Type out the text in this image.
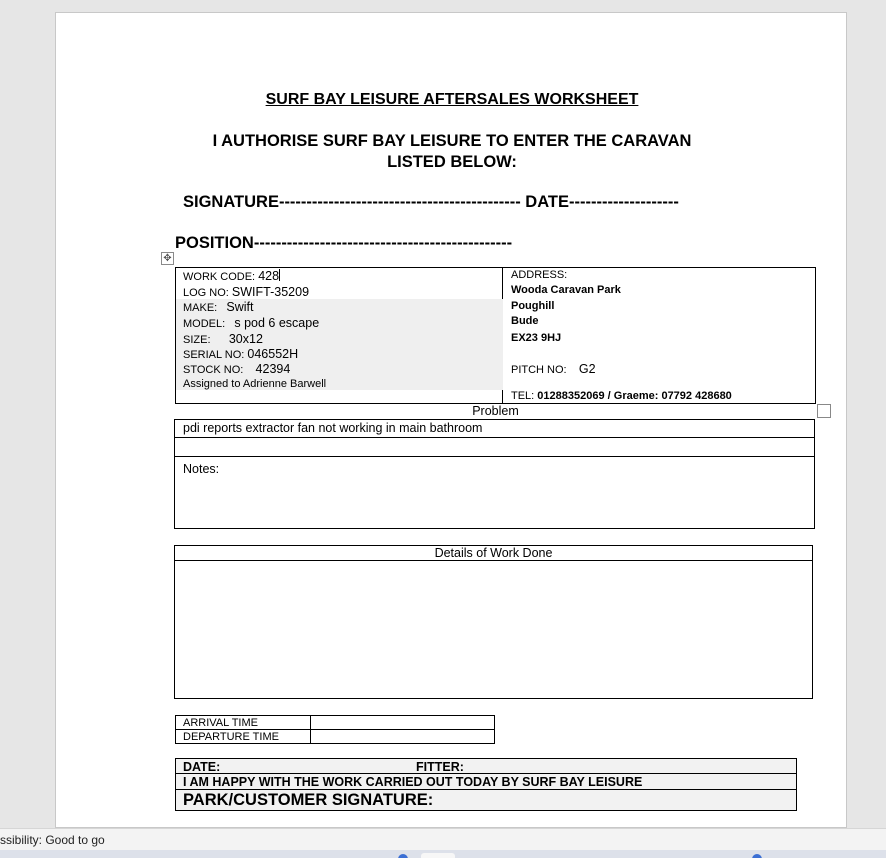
SURF BAY LEISURE AFTERSALES WORKSHEET
I AUTHORISE SURF BAY LEISURE TO ENTER THE CARAVAN
LISTED BELOW:
SIGNATURE-------------------------------------------- DATE--------------------
POSITION-----------------------------------------------
✥
WORK CODE: 428
LOG NO: SWIFT-35209
MAKE: Swift
MODEL: s pod 6 escape
SIZE: 30x12
SERIAL NO: 046552H
STOCK NO: 42394
Assigned to Adrienne Barwell
ADDRESS:
Wooda Caravan Park
Poughill
Bude
EX23 9HJ
PITCH NO: G2
TEL: 01288352069 / Graeme: 07792 428680
Problem
pdi reports extractor fan not working in main bathroom
Notes:
Details of Work Done
ARRIVAL TIME
DEPARTURE TIME
DATE:	FITTER:
I AM HAPPY WITH THE WORK CARRIED OUT TODAY BY SURF BAY LEISURE
PARK/CUSTOMER SIGNATURE:
ssibility: Good to go
